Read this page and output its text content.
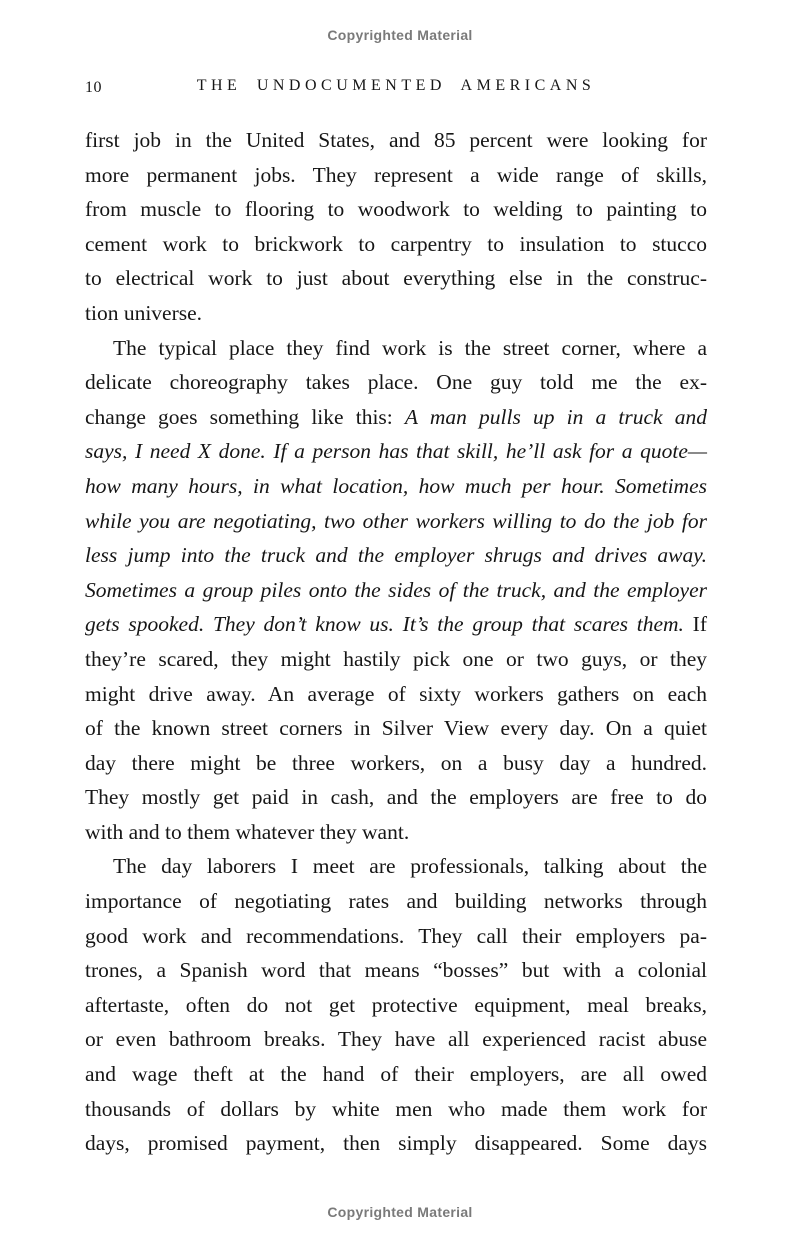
Copyrighted Material
10	THE UNDOCUMENTED AMERICANS
first job in the United States, and 85 percent were looking for
more permanent jobs. They represent a wide range of skills,
from muscle to flooring to woodwork to welding to painting to
cement work to brickwork to carpentry to insulation to stucco
to electrical work to just about everything else in the construc-
tion universe.
The typical place they find work is the street corner, where a
delicate choreography takes place. One guy told me the ex-
change goes something like this: A man pulls up in a truck and
says, I need X done. If a person has that skill, he’ll ask for a quote—
how many hours, in what location, how much per hour. Sometimes
while you are negotiating, two other workers willing to do the job for
less jump into the truck and the employer shrugs and drives away.
Sometimes a group piles onto the sides of the truck, and the employer
gets spooked. They don’t know us. It’s the group that scares them. If
they’re scared, they might hastily pick one or two guys, or they
might drive away. An average of sixty workers gathers on each
of the known street corners in Silver View every day. On a quiet
day there might be three workers, on a busy day a hundred.
They mostly get paid in cash, and the employers are free to do
with and to them whatever they want.
The day laborers I meet are professionals, talking about the
importance of negotiating rates and building networks through
good work and recommendations. They call their employers pa-
trones, a Spanish word that means “bosses” but with a colonial
aftertaste, often do not get protective equipment, meal breaks,
or even bathroom breaks. They have all experienced racist abuse
and wage theft at the hand of their employers, are all owed
thousands of dollars by white men who made them work for
days, promised payment, then simply disappeared. Some days
Copyrighted Material
